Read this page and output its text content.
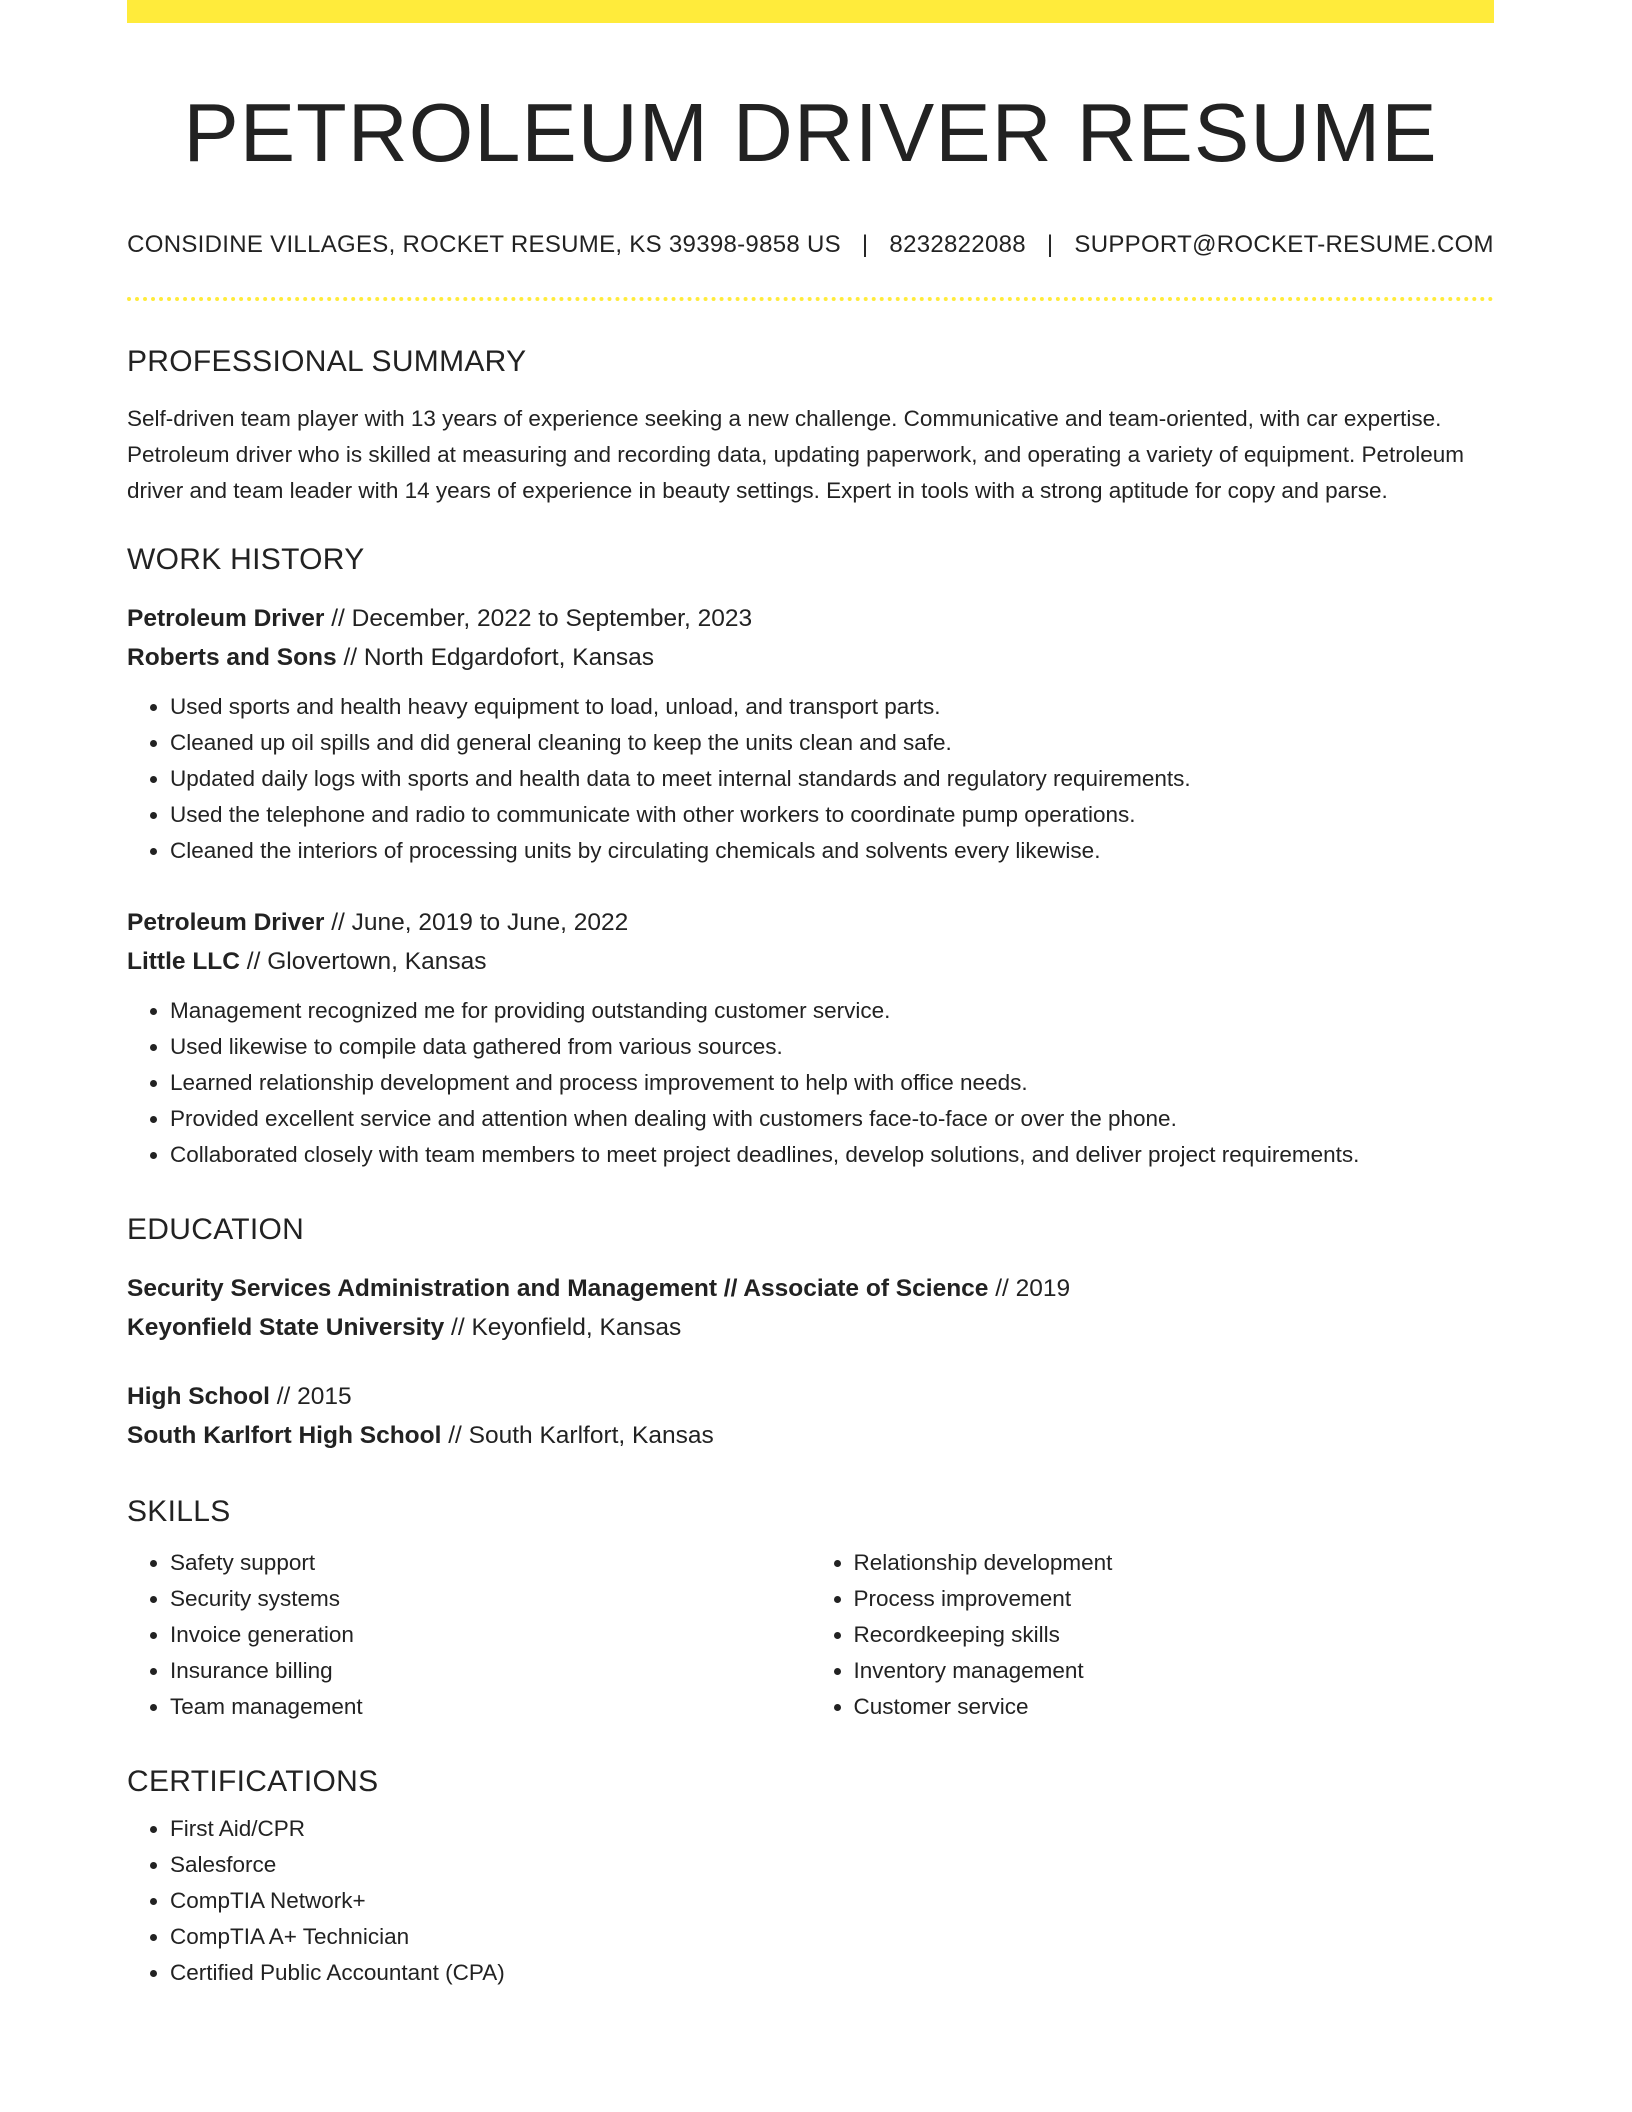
PETROLEUM DRIVER RESUME
CONSIDINE VILLAGES, ROCKET RESUME, KS 39398-9858 US | 8232822088 | SUPPORT@ROCKET-RESUME.COM
PROFESSIONAL SUMMARY
Self-driven team player with 13 years of experience seeking a new challenge. Communicative and team-oriented, with car expertise. Petroleum driver who is skilled at measuring and recording data, updating paperwork, and operating a variety of equipment. Petroleum driver and team leader with 14 years of experience in beauty settings. Expert in tools with a strong aptitude for copy and parse.
WORK HISTORY
Petroleum Driver // December, 2022 to September, 2023
Roberts and Sons // North Edgardofort, Kansas
• Used sports and health heavy equipment to load, unload, and transport parts.
• Cleaned up oil spills and did general cleaning to keep the units clean and safe.
• Updated daily logs with sports and health data to meet internal standards and regulatory requirements.
• Used the telephone and radio to communicate with other workers to coordinate pump operations.
• Cleaned the interiors of processing units by circulating chemicals and solvents every likewise.
Petroleum Driver // June, 2019 to June, 2022
Little LLC // Glovertown, Kansas
• Management recognized me for providing outstanding customer service.
• Used likewise to compile data gathered from various sources.
• Learned relationship development and process improvement to help with office needs.
• Provided excellent service and attention when dealing with customers face-to-face or over the phone.
• Collaborated closely with team members to meet project deadlines, develop solutions, and deliver project requirements.
EDUCATION
Security Services Administration and Management // Associate of Science // 2019
Keyonfield State University // Keyonfield, Kansas
High School // 2015
South Karlfort High School // South Karlfort, Kansas
SKILLS
• Safety support
• Security systems
• Invoice generation
• Insurance billing
• Team management
• Relationship development
• Process improvement
• Recordkeeping skills
• Inventory management
• Customer service
CERTIFICATIONS
• First Aid/CPR
• Salesforce
• CompTIA Network+
• CompTIA A+ Technician
• Certified Public Accountant (CPA)
